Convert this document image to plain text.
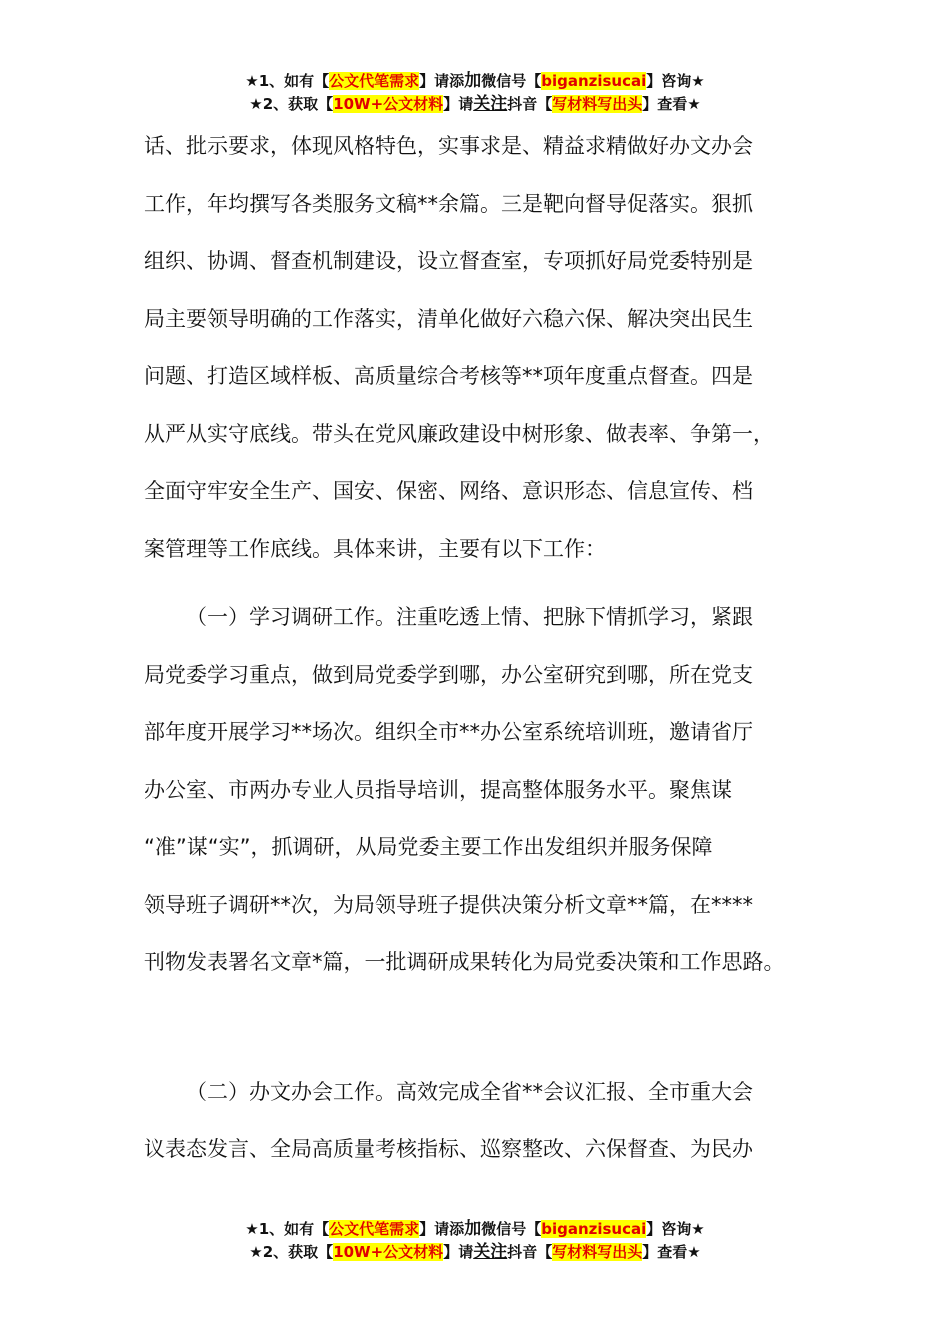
★1、如有【公文代笔需求】请添加微信号【biganzisucai】咨询★
★2、获取【10W+公文材料】请关注抖音【写材料写出头】查看★
话、批示要求，体现风格特色，实事求是、精益求精做好办文办会
工作，年均撰写各类服务文稿**余篇。三是靶向督导促落实。狠抓
组织、协调、督查机制建设，设立督查室，专项抓好局党委特别是
局主要领导明确的工作落实，清单化做好六稳六保、解决突出民生
问题、打造区域样板、高质量综合考核等**项年度重点督查。四是
从严从实守底线。带头在党风廉政建设中树形象、做表率、争第一，
全面守牢安全生产、国安、保密、网络、意识形态、信息宣传、档
案管理等工作底线。具体来讲，主要有以下工作：
（一）学习调研工作。注重吃透上情、把脉下情抓学习，紧跟
局党委学习重点，做到局党委学到哪，办公室研究到哪，所在党支
部年度开展学习**场次。组织全市**办公室系统培训班，邀请省厅
办公室、市两办专业人员指导培训，提高整体服务水平。聚焦谋
“准”谋“实”，抓调研，从局党委主要工作出发组织并服务保障
领导班子调研**次，为局领导班子提供决策分析文章**篇，在****
刊物发表署名文章*篇，一批调研成果转化为局党委决策和工作思路。
（二）办文办会工作。高效完成全省**会议汇报、全市重大会
议表态发言、全局高质量考核指标、巡察整改、六保督查、为民办
★1、如有【公文代笔需求】请添加微信号【biganzisucai】咨询★
★2、获取【10W+公文材料】请关注抖音【写材料写出头】查看★
